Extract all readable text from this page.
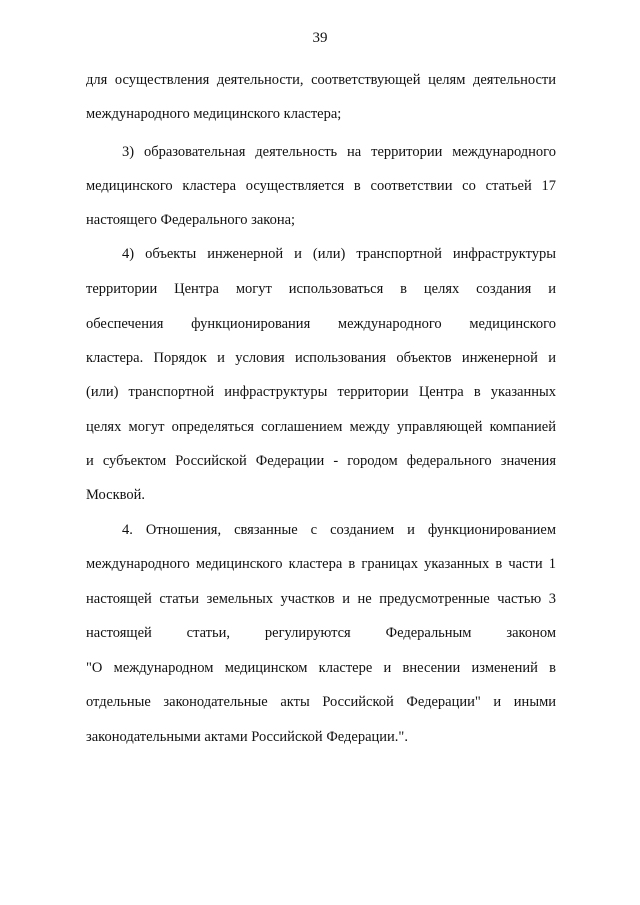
39
для осуществления деятельности, соответствующей целям деятельности
международного медицинского кластера;
3) образовательная деятельность на территории международного
медицинского кластера осуществляется в соответствии со статьей 17
настоящего Федерального закона;
4) объекты инженерной и (или) транспортной инфраструктуры
территории Центра могут использоваться в целях создания и
обеспечения функционирования международного медицинского
кластера. Порядок и условия использования объектов инженерной и
(или) транспортной инфраструктуры территории Центра в указанных
целях могут определяться соглашением между управляющей компанией
и субъектом Российской Федерации - городом федерального значения
Москвой.
4. Отношения, связанные с созданием и функционированием
международного медицинского кластера в границах указанных в части 1
настоящей статьи земельных участков и не предусмотренные частью 3
настоящей статьи, регулируются Федеральным законом
"О международном медицинском кластере и внесении изменений в
отдельные законодательные акты Российской Федерации" и иными
законодательными актами Российской Федерации.".
